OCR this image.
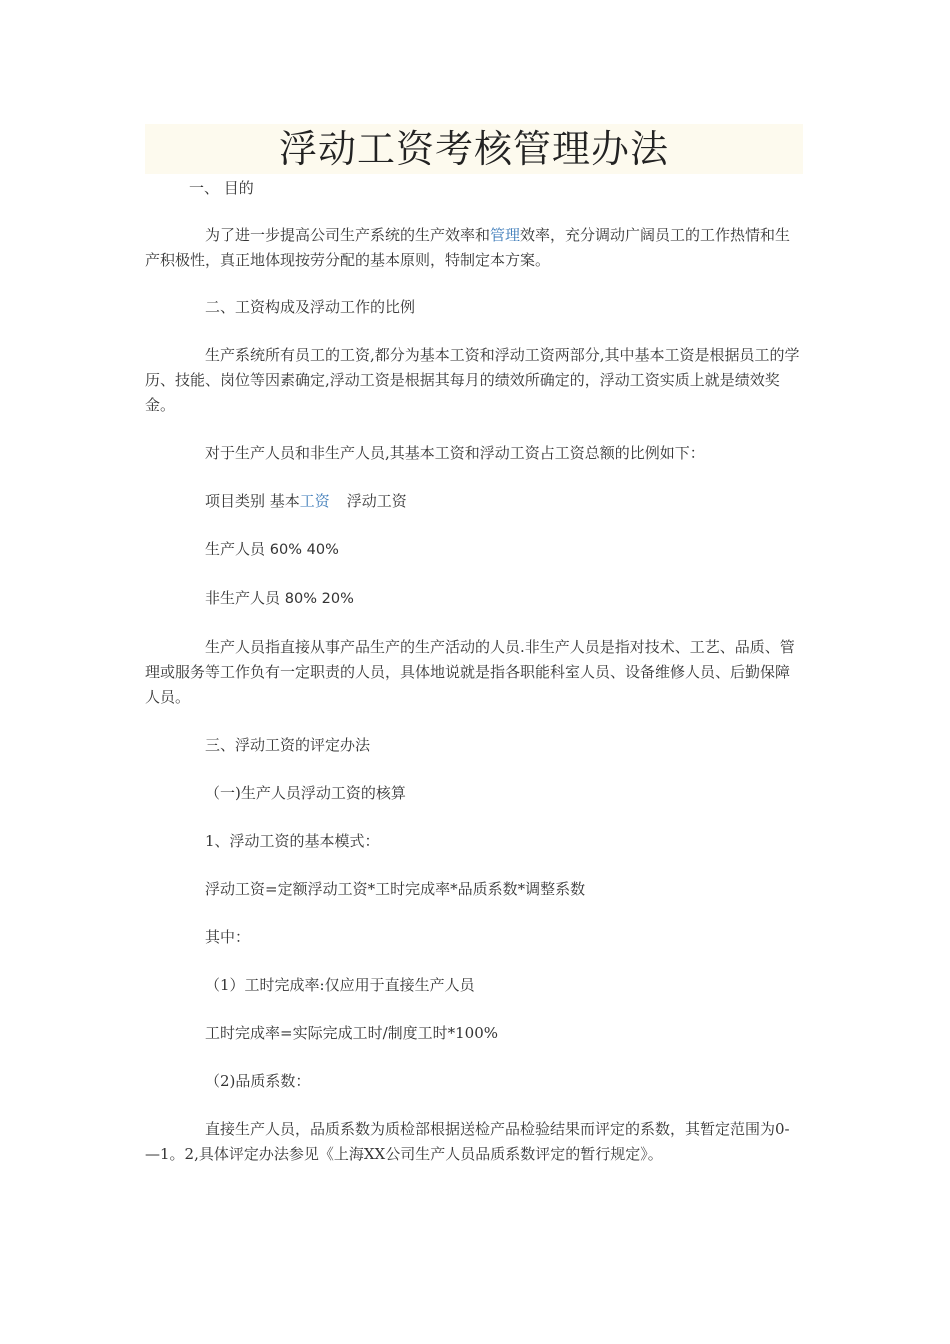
浮动工资考核管理办法

一、 目的

为了进一步提高公司生产系统的生产效率和管理效率，充分调动广阔员工的工作热情和生产积极性，真正地体现按劳分配的基本原则，特制定本方案。

二、工资构成及浮动工作的比例

生产系统所有员工的工资,都分为基本工资和浮动工资两部分,其中基本工资是根据员工的学历、技能、岗位等因素确定,浮动工资是根据其每月的绩效所确定的，浮动工资实质上就是绩效奖金。

对于生产人员和非生产人员,其基本工资和浮动工资占工资总额的比例如下：

项目类别 基本工资 浮动工资

生产人员 60% 40%

非生产人员 80% 20%

生产人员指直接从事产品生产的生产活动的人员.非生产人员是指对技术、工艺、品质、管理或服务等工作负有一定职责的人员，具体地说就是指各职能科室人员、设备维修人员、后勤保障人员。

三、浮动工资的评定办法

（一)生产人员浮动工资的核算

1、浮动工资的基本模式：

浮动工资=定额浮动工资*工时完成率*品质系数*调整系数

其中：

（1）工时完成率:仅应用于直接生产人员

工时完成率=实际完成工时/制度工时*100%

（2)品质系数：

直接生产人员，品质系数为质检部根据送检产品检验结果而评定的系数，其暂定范围为0-—1。2,具体评定办法参见《上海XX公司生产人员品质系数评定的暂行规定》。
